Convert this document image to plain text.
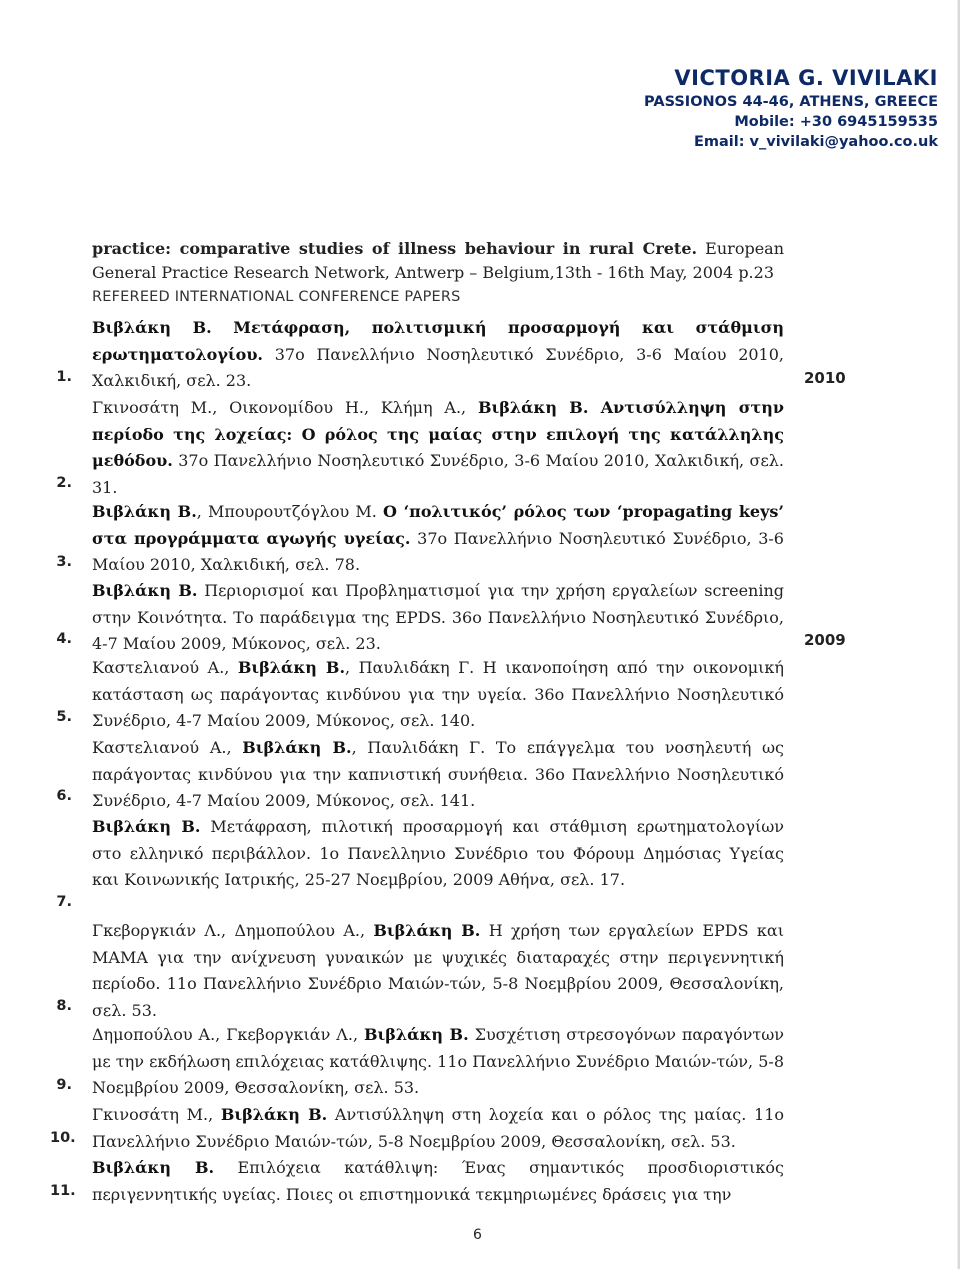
VICTORIA G. VIVILAKI
PASSIONOS 44-46, ATHENS, GREECE
Mobile: +30 6945159535
Email: v_vivilaki@yahoo.co.uk
practice: comparative studies of illness behaviour in rural Crete. European General Practice Research Network, Antwerp – Belgium,13th - 16th May, 2004 p.23
REFEREED INTERNATIONAL CONFERENCE PAPERS
Βιβλάκη Β. Μετάφραση, πολιτισμική προσαρμογή και στάθμιση ερωτηματολογίου. 37ο Πανελλήνιο Νοσηλευτικό Συνέδριο, 3-6 Μαίου 2010, Χαλκιδική, σελ. 23.
1.	2010
Γκινοσάτη Μ., Οικονομίδου Η., Κλήμη Α., Βιβλάκη Β. Αντισύλληψη στην περίοδο της λοχείας: Ο ρόλος της μαίας στην επιλογή της κατάλληλης μεθόδου. 37ο Πανελλήνιο Νοσηλευτικό Συνέδριο, 3-6 Μαίου 2010, Χαλκιδική, σελ. 31.
2.
Βιβλάκη Β., Μπουρουτζόγλου Μ. Ο ‘πολιτικός’ ρόλος των ‘propagating keys’ στα προγράμματα αγωγής υγείας. 37ο Πανελλήνιο Νοσηλευτικό Συνέδριο, 3-6 Μαίου 2010, Χαλκιδική, σελ. 78.
3.
Βιβλάκη Β. Περιορισμοί και Προβληματισμοί για την χρήση εργαλείων screening στην Κοινότητα. Το παράδειγμα της EPDS. 36ο Πανελλήνιο Νοσηλευτικό Συνέδριο, 4-7 Μαίου 2009, Μύκονος, σελ. 23.
4.	2009
Καστελιανού Α., Βιβλάκη Β., Παυλιδάκη Γ. Η ικανοποίηση από την οικονομική κατάσταση ως παράγοντας κινδύνου για την υγεία. 36ο Πανελλήνιο Νοσηλευτικό Συνέδριο, 4-7 Μαίου 2009, Μύκονος, σελ. 140.
5.
Καστελιανού Α., Βιβλάκη Β., Παυλιδάκη Γ. Το επάγγελμα του νοσηλευτή ως παράγοντας κινδύνου για την καπνιστική συνήθεια. 36ο Πανελλήνιο Νοσηλευτικό Συνέδριο, 4-7 Μαίου 2009, Μύκονος, σελ. 141.
6.
Βιβλάκη Β. Μετάφραση, πιλοτική προσαρμογή και στάθμιση ερωτηματολογίων στο ελληνικό περιβάλλον. 1ο Πανελληνιο Συνέδριο του Φόρουμ Δημόσιας Υγείας και Κοινωνικής Ιατρικής, 25-27 Νοεμβρίου, 2009 Αθήνα, σελ. 17.
7.
Γκεβοργκιάν Λ., Δημοπούλου Α., Βιβλάκη Β. Η χρήση των εργαλείων EPDS και MAMA για την ανίχνευση γυναικών με ψυχικές διαταραχές στην περιγεννητική περίοδο. 11ο Πανελλήνιο Συνέδριο Μαιών-τών, 5-8 Νοεμβρίου 2009, Θεσσαλονίκη, σελ. 53.
8.
Δημοπούλου Α., Γκεβοργκιάν Λ., Βιβλάκη Β. Συσχέτιση στρεσογόνων παραγόντων με την εκδήλωση επιλόχειας κατάθλιψης. 11ο Πανελλήνιο Συνέδριο Μαιών-τών, 5-8 Νοεμβρίου 2009, Θεσσαλονίκη, σελ. 53.
9.
Γκινοσάτη Μ., Βιβλάκη Β. Αντισύλληψη στη λοχεία και ο ρόλος της μαίας. 11ο Πανελλήνιο Συνέδριο Μαιών-τών, 5-8 Νοεμβρίου 2009, Θεσσαλονίκη, σελ. 53.
10.
Βιβλάκη Β. Επιλόχεια κατάθλιψη: Ένας σημαντικός προσδιοριστικός περιγεννητικής υγείας. Ποιες οι επιστημονικά τεκμηριωμένες δράσεις για την
11.
6
